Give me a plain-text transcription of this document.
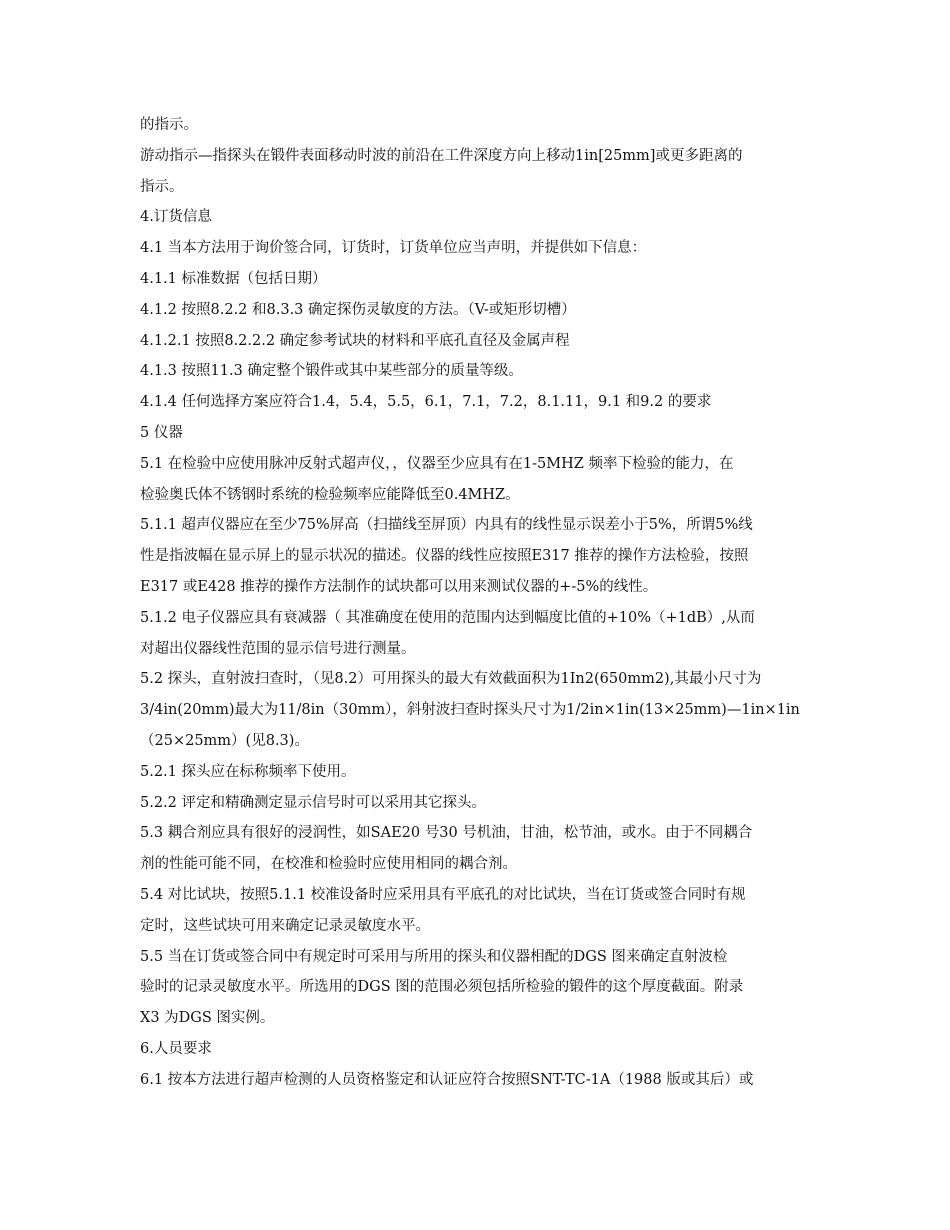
的指示。
游动指示—指探头在锻件表面移动时波的前沿在工件深度方向上移动1in[25mm]或更多距离的
指示。
4.订货信息
4.1 当本方法用于询价签合同，订货时，订货单位应当声明，并提供如下信息：
4.1.1 标准数据（包括日期）
4.1.2 按照8.2.2 和8.3.3 确定探伤灵敏度的方法。（V-或矩形切槽）
4.1.2.1 按照8.2.2.2 确定参考试块的材料和平底孔直径及金属声程
4.1.3 按照11.3 确定整个锻件或其中某些部分的质量等级。
4.1.4 任何选择方案应符合1.4，5.4，5.5，6.1，7.1，7.2，8.1.11，9.1 和9.2 的要求
5 仪器
5.1 在检验中应使用脉冲反射式超声仪，，仪器至少应具有在1-5MHZ 频率下检验的能力，在
检验奥氏体不锈钢时系统的检验频率应能降低至0.4MHZ。
5.1.1 超声仪器应在至少75%屏高（扫描线至屏顶）内具有的线性显示误差小于5%，所谓5%线
性是指波幅在显示屏上的显示状况的描述。仪器的线性应按照E317 推荐的操作方法检验，按照
E317 或E428 推荐的操作方法制作的试块都可以用来测试仪器的+-5%的线性。
5.1.2 电子仪器应具有衰减器（ 其准确度在使用的范围内达到幅度比值的+10%（+1dB）,从而
对超出仪器线性范围的显示信号进行测量。
5.2 探头，直射波扫查时，（见8.2）可用探头的最大有效截面积为1In2(650mm2),其最小尺寸为
3/4in(20mm)最大为11/8in（30mm），斜射波扫查时探头尺寸为1/2in×1in(13×25mm)—1in×1in
（25×25mm）(见8.3)。
5.2.1 探头应在标称频率下使用。
5.2.2 评定和精确测定显示信号时可以采用其它探头。
5.3 耦合剂应具有很好的浸润性，如SAE20 号30 号机油，甘油，松节油，或水。由于不同耦合
剂的性能可能不同，在校准和检验时应使用相同的耦合剂。
5.4 对比试块，按照5.1.1 校准设备时应采用具有平底孔的对比试块，当在订货或签合同时有规
定时，这些试块可用来确定记录灵敏度水平。
5.5 当在订货或签合同中有规定时可采用与所用的探头和仪器相配的DGS 图来确定直射波检
验时的记录灵敏度水平。所选用的DGS 图的范围必须包括所检验的锻件的这个厚度截面。附录
X3 为DGS 图实例。
6.人员要求
6.1 按本方法进行超声检测的人员资格鉴定和认证应符合按照SNT-TC-1A（1988 版或其后）或
